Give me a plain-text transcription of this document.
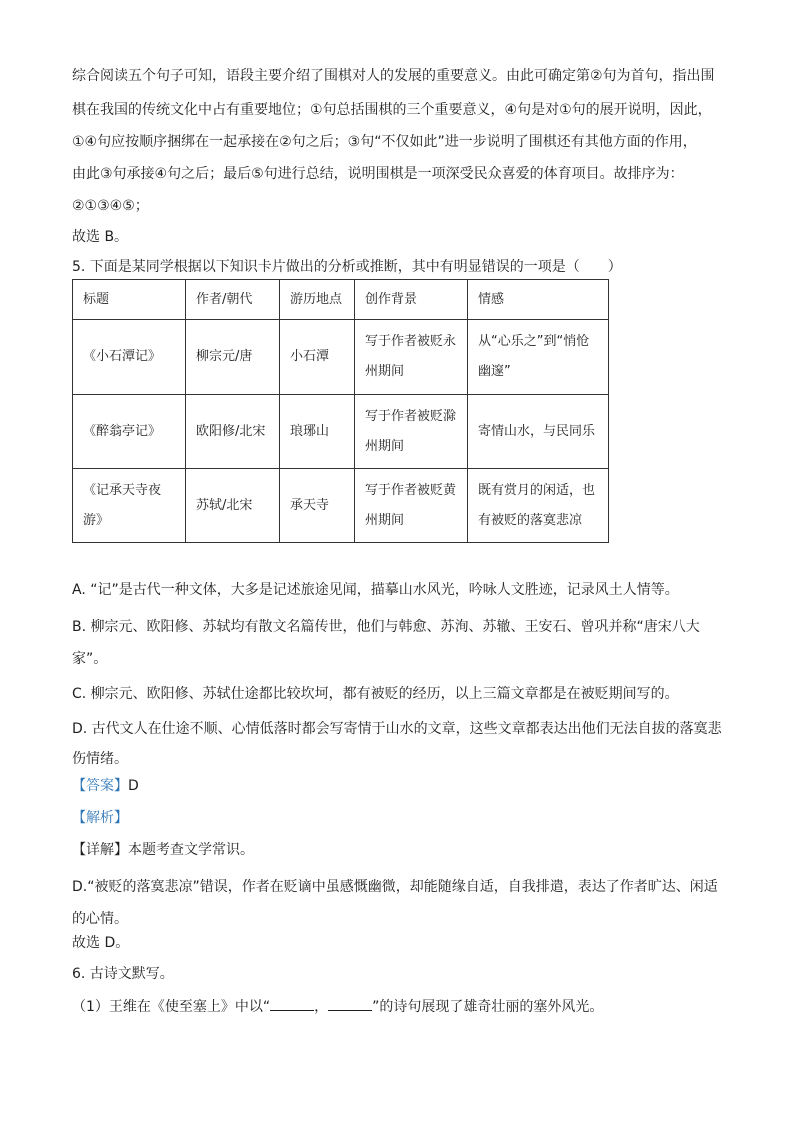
综合阅读五个句子可知，语段主要介绍了围棋对人的发展的重要意义。由此可确定第②句为首句，指出围
棋在我国的传统文化中占有重要地位；①句总括围棋的三个重要意义，④句是对①句的展开说明，因此，
①④句应按顺序捆绑在一起承接在②句之后；③句“不仅如此”进一步说明了围棋还有其他方面的作用，
由此③句承接④句之后；最后⑤句进行总结，说明围棋是一项深受民众喜爱的体育项目。故排序为：
②①③④⑤；
故选 B。
5. 下面是某同学根据以下知识卡片做出的分析或推断，其中有明显错误的一项是（　　）
标题	作者/朝代	游历地点	创作背景	情感
《小石潭记》	柳宗元/唐	小石潭	写于作者被贬永州期间	从“心乐之”到“悄怆幽邃”
《醉翁亭记》	欧阳修/北宋	琅琊山	写于作者被贬滁州期间	寄情山水，与民同乐
《记承天寺夜游》	苏轼/北宋	承天寺	写于作者被贬黄州期间	既有赏月的闲适，也有被贬的落寞悲凉
A. “记”是古代一种文体，大多是记述旅途见闻，描摹山水风光，吟咏人文胜迹，记录风土人情等。
B. 柳宗元、欧阳修、苏轼均有散文名篇传世，他们与韩愈、苏洵、苏辙、王安石、曾巩并称“唐宋八大家”。
C. 柳宗元、欧阳修、苏轼仕途都比较坎坷，都有被贬的经历，以上三篇文章都是在被贬期间写的。
D. 古代文人在仕途不顺、心情低落时都会写寄情于山水的文章，这些文章都表达出他们无法自拔的落寞悲伤情绪。
【答案】D
【解析】
【详解】本题考查文学常识。
D.“被贬的落寞悲凉”错误，作者在贬谪中虽感慨幽微，却能随缘自适，自我排遣，表达了作者旷达、闲适的心情。
故选 D。
6. 古诗文默写。
（1）王维在《使至塞上》中以“	，	”的诗句展现了雄奇壮丽的塞外风光。
